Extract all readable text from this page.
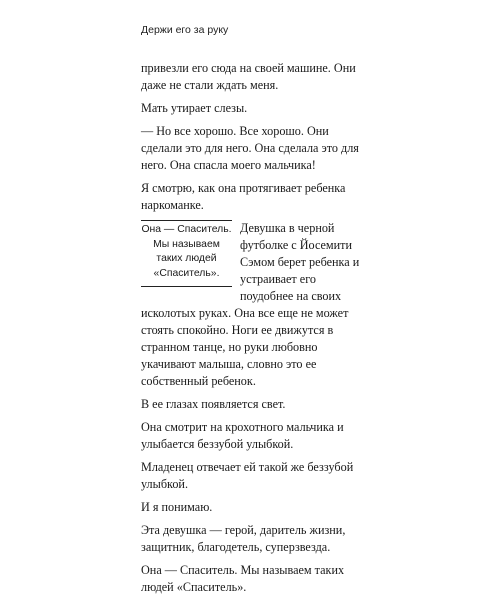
Держи его за руку

привезли его сюда на своей машине. Они даже не стали ждать меня.

Мать утирает слезы.

— Но все хорошо. Все хорошо. Они сделали это для него. Она сделала это для него. Она спасла моего мальчика!

Я смотрю, как она протягивает ребенка наркоманке.

Она — Спаситель. Мы называем таких людей «Спаситель».
Девушка в черной футболке с Йосемити Сэмом берет ребенка и устраивает его поудобнее на своих исколотых руках. Она все еще не может стоять спокойно. Ноги ее движутся в странном танце, но руки любовно укачивают малыша, словно это ее собственный ребенок.

В ее глазах появляется свет.

Она смотрит на крохотного мальчика и улыбается беззубой улыбкой.

Младенец отвечает ей такой же беззубой улыбкой.

И я понимаю.

Эта девушка — герой, даритель жизни, защитник, благодетель, суперзвезда.

Она — Спаситель. Мы называем таких людей «Спаситель».
